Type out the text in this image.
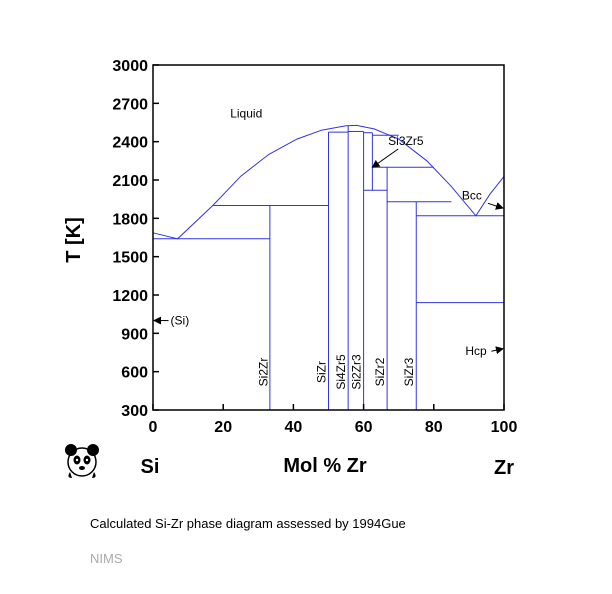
0	20	40	60	80	100
300
600
900
1200
1500
1800
2100
2400
2700
3000
Si2Zr	SiZr Si4Zr5 Si2Zr3 SiZr2 SiZr3
Liquid
Si3Zr5
Bcc
(Si)
Hcp
Mol % Zr
T [K]
Si	Zr
Calculated Si-Zr phase diagram assessed by 1994Gue
NIMS
